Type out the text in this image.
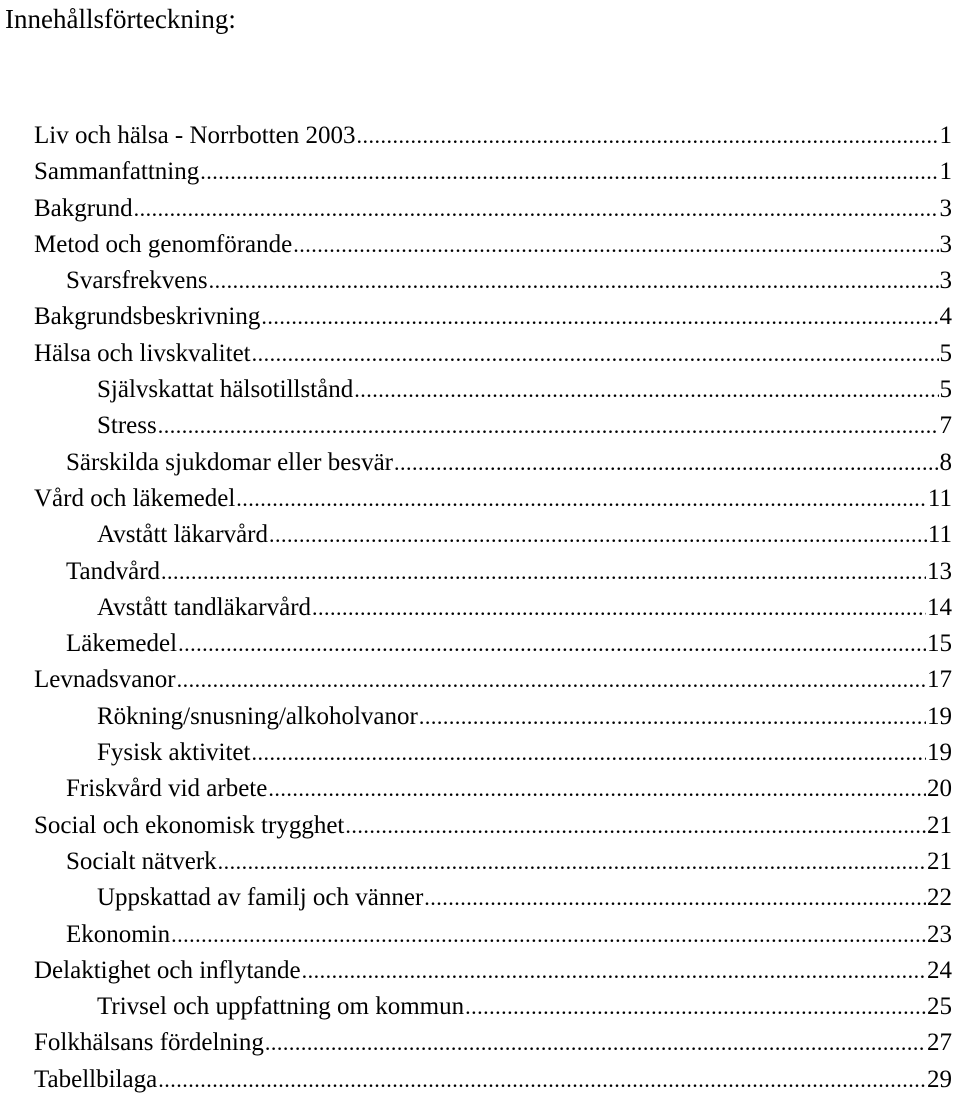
Innehållsförteckning:
Liv och hälsa - Norrbotten 2003 .....	1
Sammanfattning .....	1
Bakgrund .....	3
Metod och genomförande .....	3
Svarsfrekvens .....	3
Bakgrundsbeskrivning .....	4
Hälsa och livskvalitet .....	5
Självskattat hälsotillstånd .....	5
Stress .....	7
Särskilda sjukdomar eller besvär .....	8
Vård och läkemedel .....	11
Avstått läkarvård .....	11
Tandvård .....	13
Avstått tandläkarvård .....	14
Läkemedel .....	15
Levnadsvanor .....	17
Rökning/snusning/alkoholvanor .....	19
Fysisk aktivitet .....	19
Friskvård vid arbete .....	20
Social och ekonomisk trygghet .....	21
Socialt nätverk .....	21
Uppskattad av familj och vänner .....	22
Ekonomin .....	23
Delaktighet och inflytande .....	24
Trivsel och uppfattning om kommun .....	25
Folkhälsans fördelning .....	27
Tabellbilaga .....	29
